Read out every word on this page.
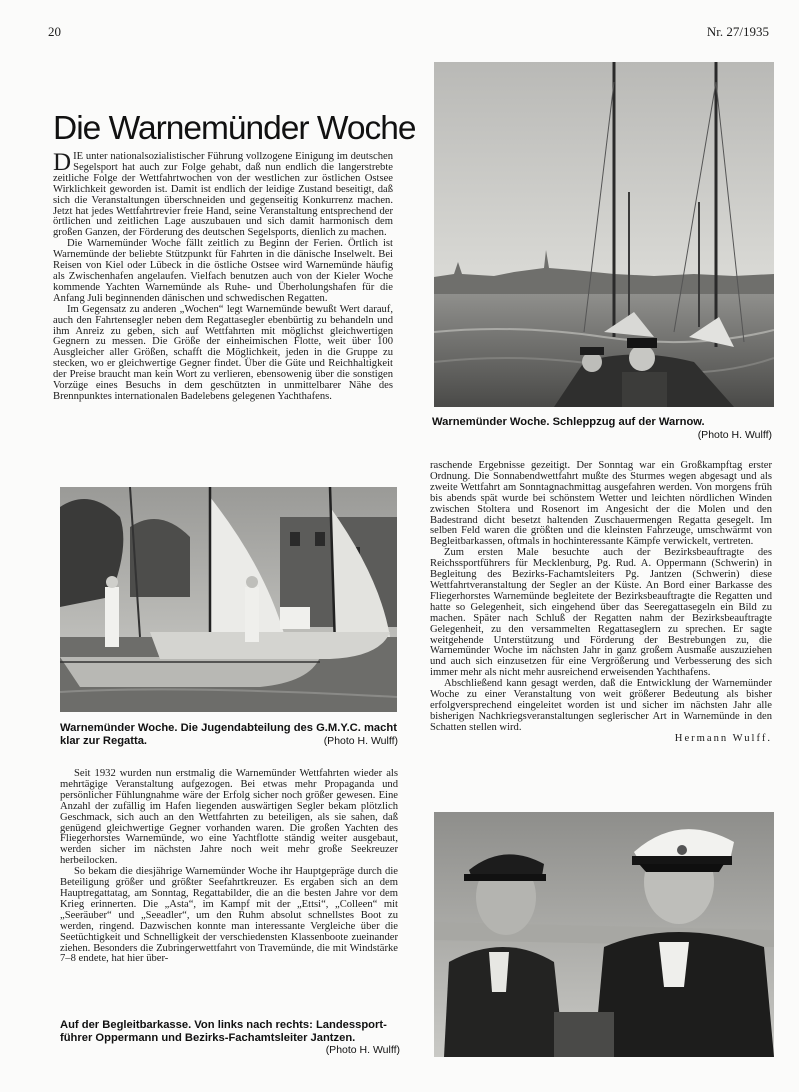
20	Nr. 27/1935
Die Warnemünder Woche

DIE unter nationalsozialistischer Führung vollzogene Einigung im deutschen Segelsport hat auch zur Folge gehabt, daß nun endlich die langerstrebte zeitliche Folge der Wettfahrtwochen von der westlichen zur östlichen Ostsee Wirklichkeit geworden ist. Damit ist endlich der leidige Zustand beseitigt, daß sich die Veranstaltungen überschneiden und gegenseitig Konkurrenz machen. Jetzt hat jedes Wettfahrtrevier freie Hand, seine Veranstaltung entsprechend der örtlichen und zeitlichen Lage auszubauen und sich damit harmonisch dem großen Ganzen, der Förderung des deutschen Segelsports, dienlich zu machen.

Die Warnemünder Woche fällt zeitlich zu Beginn der Ferien. Örtlich ist Warnemünde der beliebte Stützpunkt für Fahrten in die dänische Inselwelt. Bei Reisen von Kiel oder Lübeck in die östliche Ostsee wird Warnemünde häufig als Zwischenhafen angelaufen. Vielfach benutzen auch von der Kieler Woche kommende Yachten Warnemünde als Ruhe- und Überholungshafen für die Anfang Juli beginnenden dänischen und schwedischen Regatten.

Im Gegensatz zu anderen „Wochen“ legt Warnemünde bewußt Wert darauf, auch den Fahrtensegler neben dem Regattasegler ebenbürtig zu behandeln und ihm Anreiz zu geben, sich auf Wettfahrten mit möglichst gleichwertigen Gegnern zu messen. Die Größe der einheimischen Flotte, weit über 100 Ausgleicher aller Größen, schafft die Möglichkeit, jeden in die Gruppe zu stecken, wo er gleichwertige Gegner findet. Über die Güte und Reichhaltigkeit der Preise braucht man kein Wort zu verlieren, ebensowenig über die sonstigen Vorzüge eines Besuchs in dem geschützten in unmittelbarer Nähe des Brennpunktes internationalen Badelebens gelegenen Yachthafens.

Warnemünder Woche. Schleppzug auf der Warnow.
(Photo H. Wulff)
Warnemünder Woche. Die Jugendabteilung des G.M.Y.C. macht
klar zur Regatta.	(Photo H. Wulff)

Seit 1932 wurden nun erstmalig die Warnemünder Wettfahrten wieder als mehrtägige Veranstaltung aufgezogen. Bei etwas mehr Propaganda und persönlicher Fühlungnahme wäre der Erfolg sicher noch größer gewesen. Eine Anzahl der zufällig im Hafen liegenden auswärtigen Segler bekam plötzlich Geschmack, sich auch an den Wettfahrten zu beteiligen, als sie sahen, daß genügend gleichwertige Gegner vorhanden waren. Die großen Yachten des Fliegerhorstes Warnemünde, wo eine Yachtflotte ständig weiter ausgebaut, werden sicher im nächsten Jahre noch weit mehr große Seekreuzer herbeilocken.

So bekam die diesjährige Warnemünder Woche ihr Hauptgepräge durch die Beteiligung größer und größter Seefahrtkreuzer. Es ergaben sich an dem Hauptregattatag, am Sonntag, Regattabilder, die an die besten Jahre vor dem Krieg erinnerten. Die „Asta“, im Kampf mit der „Ettsi“, „Colleen“ mit „Seeräuber“ und „Seeadler“, um den Ruhm absolut schnellstes Boot zu werden, ringend. Dazwischen konnte man interessante Vergleiche über die Seetüchtigkeit und Schnelligkeit der verschiedensten Klassenboote zueinander ziehen. Besonders die Zubringerwettfahrt von Travemünde, die mit Windstärke 7–8 endete, hat hier über-

Auf der Begleitbarkasse. Von links nach rechts: Landessport-
führer Oppermann und Bezirks-Fachamtsleiter Jantzen.
(Photo H. Wulff)

raschende Ergebnisse gezeitigt. Der Sonntag war ein Großkampftag erster Ordnung. Die Sonnabendwettfahrt mußte des Sturmes wegen abgesagt und als zweite Wettfahrt am Sonntagnachmittag ausgefahren werden. Von morgens früh bis abends spät wurde bei schönstem Wetter und leichten nördlichen Winden zwischen Stoltera und Rosenort im Angesicht der die Molen und den Badestrand dicht besetzt haltenden Zuschauermengen Regatta gesegelt. Im selben Feld waren die größten und die kleinsten Fahrzeuge, umschwärmt von Begleitbarkassen, oftmals in hochinteressante Kämpfe verwickelt, vertreten.

Zum ersten Male besuchte auch der Bezirksbeauftragte des Reichssportführers für Mecklenburg, Pg. Rud. A. Oppermann (Schwerin) in Begleitung des Bezirks-Fachamtsleiters Pg. Jantzen (Schwerin) diese Wettfahrtveranstaltung der Segler an der Küste. An Bord einer Barkasse des Fliegerhorstes Warnemünde begleitete der Bezirksbeauftragte die Regatten und hatte so Gelegenheit, sich eingehend über das Seeregattasegeln ein Bild zu machen. Später nach Schluß der Regatten nahm der Bezirksbeauftragte Gelegenheit, zu den versammelten Regattaseglern zu sprechen. Er sagte weitgehende Unterstützung und Förderung der Bestrebungen zu, die Warnemünder Woche im nächsten Jahr in ganz großem Ausmaße auszuziehen und auch sich einzusetzen für eine Vergrößerung und Verbesserung des sich immer mehr als nicht mehr ausreichend erweisenden Yachthafens.

Abschließend kann gesagt werden, daß die Entwicklung der Warnemünder Woche zu einer Veranstaltung von weit größerer Bedeutung als bisher erfolgversprechend eingeleitet worden ist und sicher im nächsten Jahr alle bisherigen Nachkriegsveranstaltungen seglerischer Art in Warnemünde in den Schatten stellen wird.

Hermann Wulff.
